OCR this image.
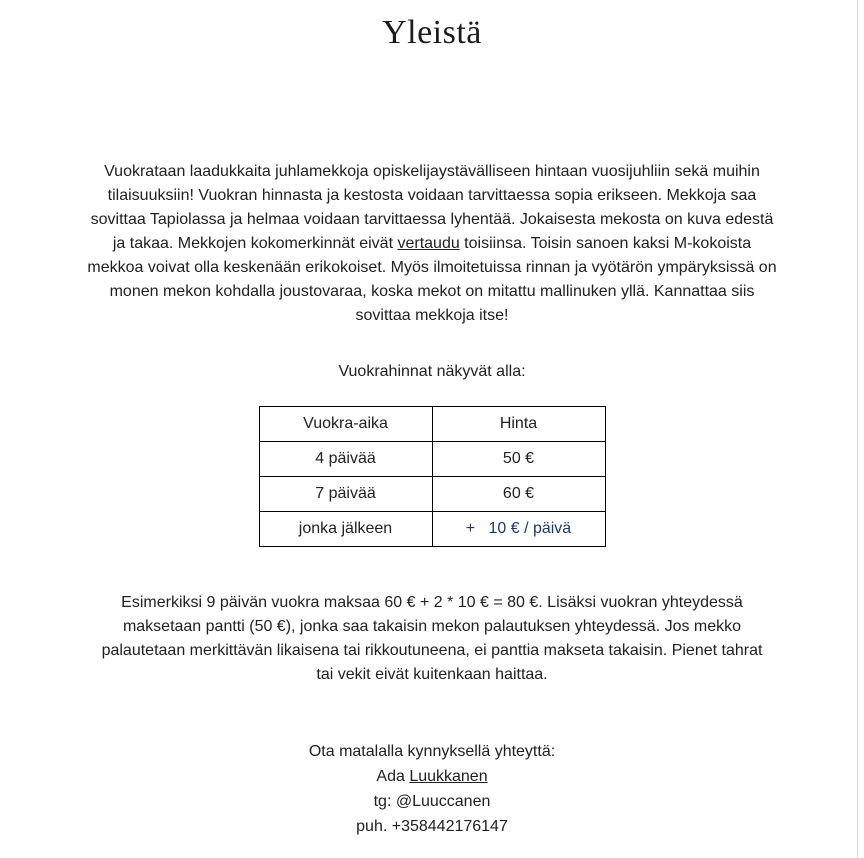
Yleistä

Vuokrataan laadukkaita juhlamekkoja opiskelijaystävälliseen hintaan vuosijuhliin sekä muihin tilaisuuksiin! Vuokran hinnasta ja kestosta voidaan tarvittaessa sopia erikseen. Mekkoja saa sovittaa Tapiolassa ja helmaa voidaan tarvittaessa lyhentää. Jokaisesta mekosta on kuva edestä ja takaa. Mekkojen kokomerkinnät eivät vertaudu toisiinsa. Toisin sanoen kaksi M-kokoista mekkoa voivat olla keskenään erikokoiset. Myös ilmoitetuissa rinnan ja vyötärön ympäryksissä on monen mekon kohdalla joustovaraa, koska mekot on mitattu mallinuken yllä. Kannattaa siis sovittaa mekkoja itse!

Vuokrahinnat näkyvät alla:

Vuokra-aika	Hinta
4 päivää	50 €
7 päivää	60 €
jonka jälkeen	+   10 € / päivä

Esimerkiksi 9 päivän vuokra maksaa 60 € + 2 * 10 € = 80 €. Lisäksi vuokran yhteydessä maksetaan pantti (50 €), jonka saa takaisin mekon palautuksen yhteydessä. Jos mekko palautetaan merkittävän likaisena tai rikkoutuneena, ei panttia makseta takaisin. Pienet tahrat tai vekit eivät kuitenkaan haittaa.

Ota matalalla kynnyksellä yhteyttä:

Ada Luukkanen

tg: @Luuccanen

puh. +358442176147
